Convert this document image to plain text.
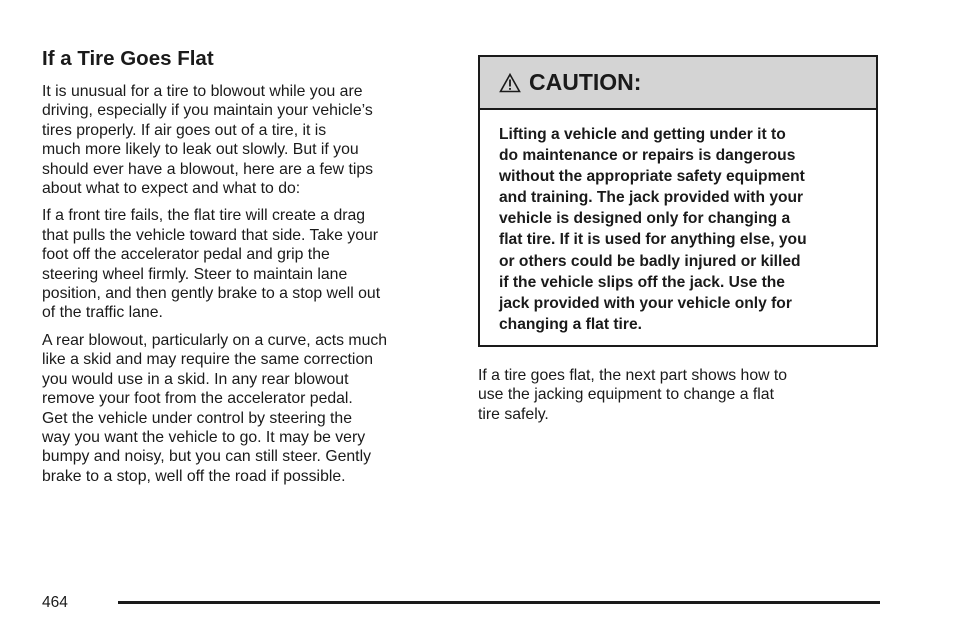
If a Tire Goes Flat

It is unusual for a tire to blowout while you are
driving, especially if you maintain your vehicle’s
tires properly. If air goes out of a tire, it is
much more likely to leak out slowly. But if you
should ever have a blowout, here are a few tips
about what to expect and what to do:

If a front tire fails, the flat tire will create a drag
that pulls the vehicle toward that side. Take your
foot off the accelerator pedal and grip the
steering wheel firmly. Steer to maintain lane
position, and then gently brake to a stop well out
of the traffic lane.

A rear blowout, particularly on a curve, acts much
like a skid and may require the same correction
you would use in a skid. In any rear blowout
remove your foot from the accelerator pedal.
Get the vehicle under control by steering the
way you want the vehicle to go. It may be very
bumpy and noisy, but you can still steer. Gently
brake to a stop, well off the road if possible.

CAUTION:
Lifting a vehicle and getting under it to
do maintenance or repairs is dangerous
without the appropriate safety equipment
and training. The jack provided with your
vehicle is designed only for changing a
flat tire. If it is used for anything else, you
or others could be badly injured or killed
if the vehicle slips off the jack. Use the
jack provided with your vehicle only for
changing a flat tire.
If a tire goes flat, the next part shows how to
use the jacking equipment to change a flat
tire safely.
464
